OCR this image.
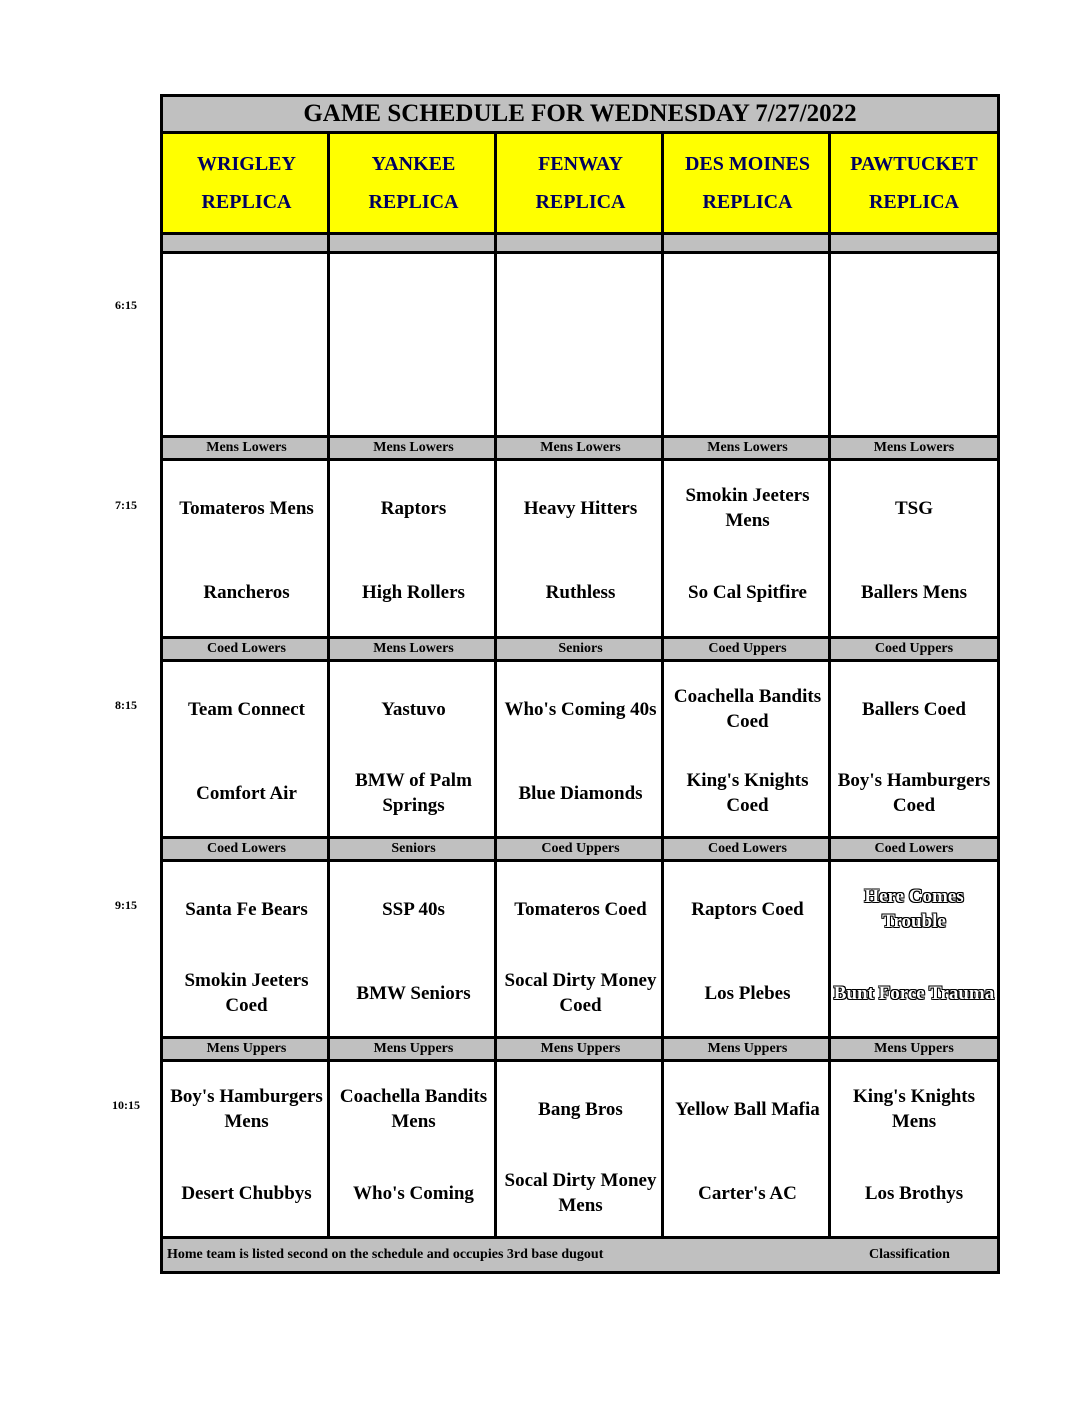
GAME SCHEDULE FOR WEDNESDAY 7/27/2022
Home team is listed second on the schedule and occupies 3rd base dugout	Classification
WRIGLEY
REPLICA
YANKEE
REPLICA
FENWAY
REPLICA
DES MOINES
REPLICA
PAWTUCKET
REPLICA
Mens Lowers
Tomateros Mens
Rancheros
Mens Lowers
Raptors
High Rollers
Mens Lowers
Heavy Hitters
Ruthless
Mens Lowers
Smokin Jeeters Mens
So Cal Spitfire
Mens Lowers
TSG
Ballers Mens
Coed Lowers
Team Connect
Comfort Air
Mens Lowers
Yastuvo
BMW of Palm Springs
Seniors
Who's Coming 40s
Blue Diamonds
Coed Uppers
Coachella Bandits Coed
King's Knights Coed
Coed Uppers
Ballers Coed
Boy's Hamburgers Coed
Coed Lowers
Santa Fe Bears
Smokin Jeeters Coed
Seniors
SSP 40s
BMW Seniors
Coed Uppers
Tomateros Coed
Socal Dirty Money Coed
Coed Lowers
Raptors Coed
Los Plebes
Coed Lowers
Here Comes Trouble
Bunt Force Trauma
Mens Uppers
Boy's Hamburgers Mens
Desert Chubbys
Mens Uppers
Coachella Bandits Mens
Who's Coming
Mens Uppers
Bang Bros
Socal Dirty Money Mens
Mens Uppers
Yellow Ball Mafia
Carter's AC
Mens Uppers
King's Knights Mens
Los Brothys
6:15
7:15
8:15
9:15
10:15
